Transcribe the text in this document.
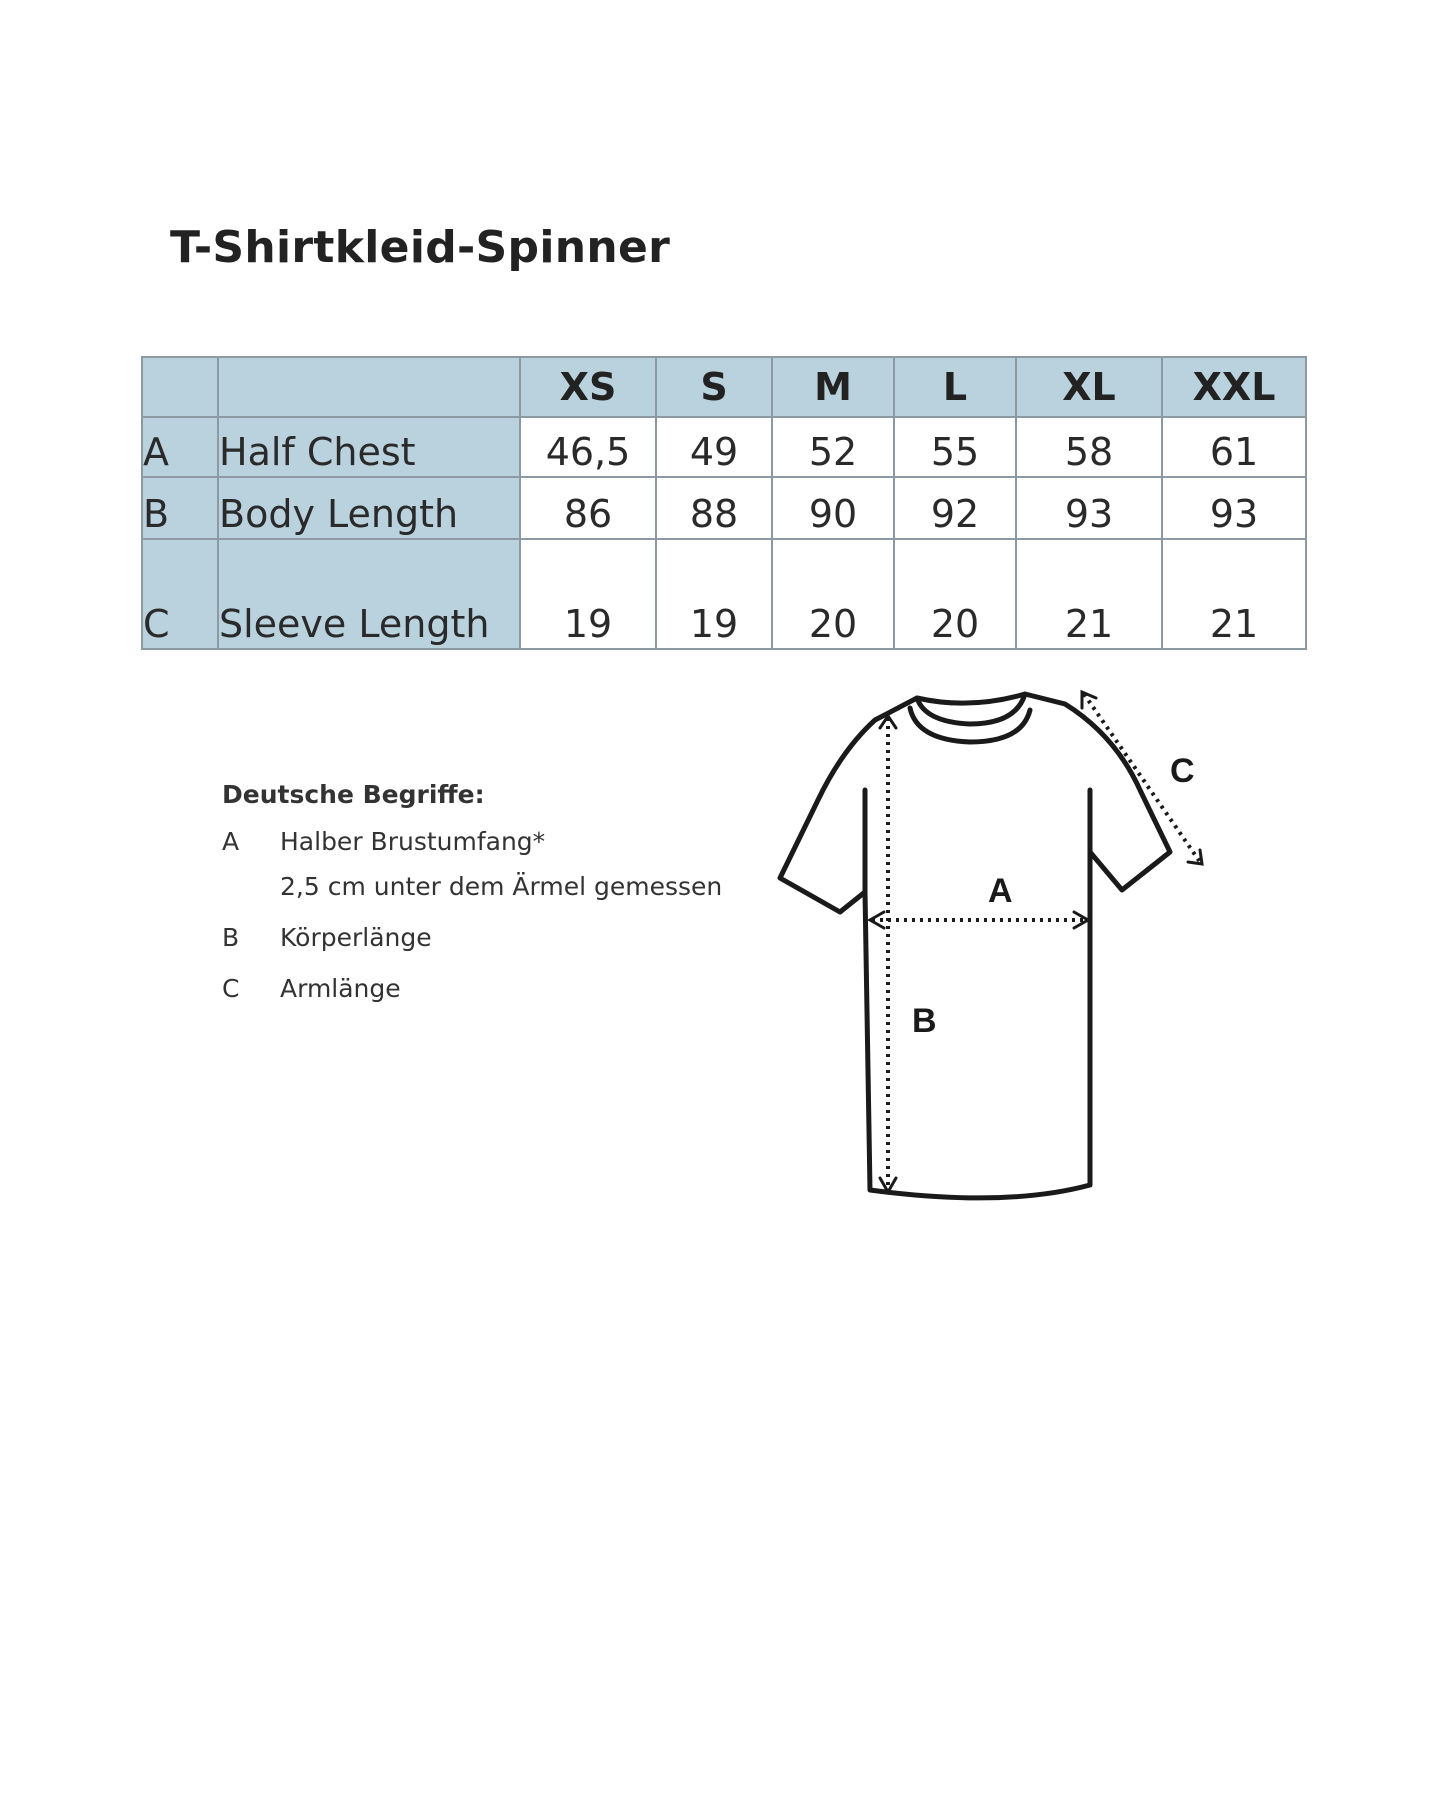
T-Shirtkleid-Spinner
		XS	S	M	L	XL	XXL
A	Half Chest	46,5	49	52	55	58	61
B	Body Length	86	88	90	92	93	93
C	Sleeve Length	19	19	20	20	21	21
Deutsche Begriffe:
A	Halber Brustumfang*
2,5 cm unter dem Ärmel gemessen
B	Körperlänge
C	Armlänge
A
B
C
